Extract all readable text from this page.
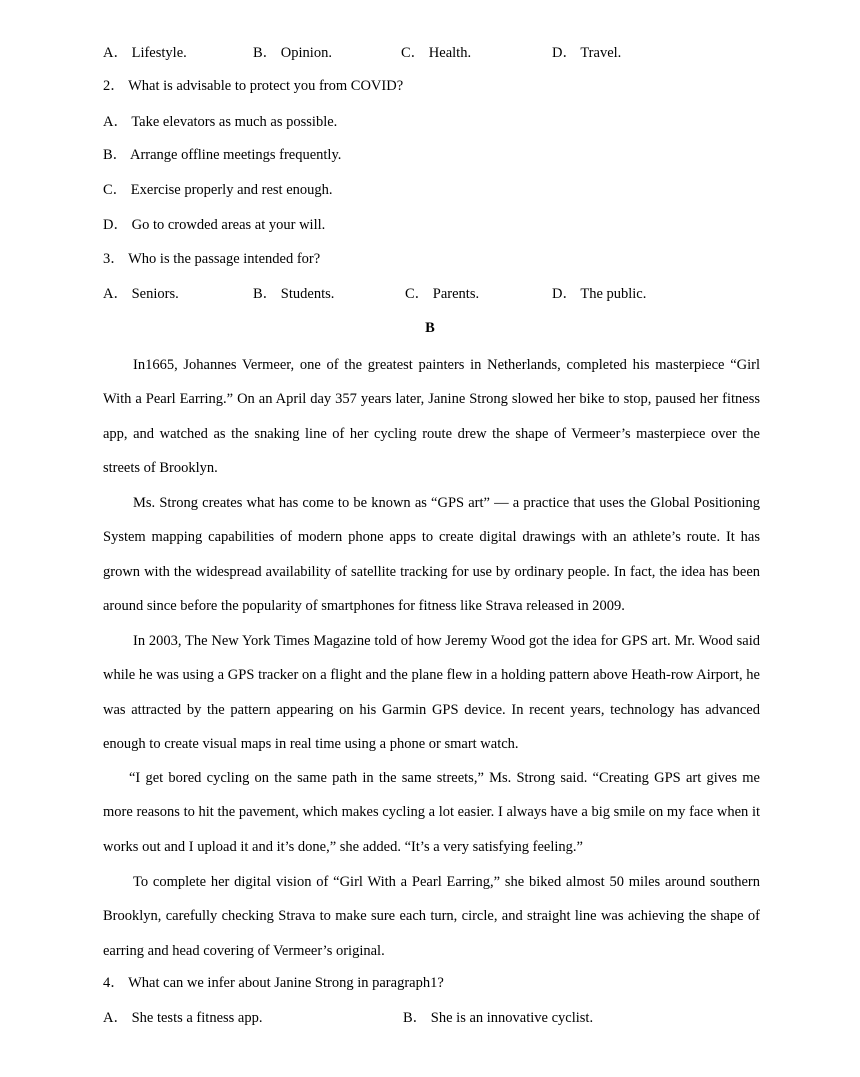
A． Lifestyle.	B． Opinion.	C． Health.	D． Travel.
2． What is advisable to protect you from COVID?
A． Take elevators as much as possible.
B． Arrange offline meetings frequently.
C． Exercise properly and rest enough.
D． Go to crowded areas at your will.
3． Who is the passage intended for?
A． Seniors.	B． Students.	C． Parents.	D． The public.
B
In1665, Johannes Vermeer, one of the greatest painters in Netherlands, completed his masterpiece “Girl With a Pearl Earring.” On an April day 357 years later, Janine Strong slowed her bike to stop, paused her fitness app, and watched as the snaking line of her cycling route drew the shape of Vermeer’s masterpiece over the streets of Brooklyn.
Ms. Strong creates what has come to be known as “GPS art” — a practice that uses the Global Positioning System mapping capabilities of modern phone apps to create digital drawings with an athlete’s route. It has grown with the widespread availability of satellite tracking for use by ordinary people. In fact, the idea has been around since before the popularity of smartphones for fitness like Strava released in 2009.
In 2003, The New York Times Magazine told of how Jeremy Wood got the idea for GPS art. Mr. Wood said while he was using a GPS tracker on a flight and the plane flew in a holding pattern above Heath-row Airport, he was attracted by the pattern appearing on his Garmin GPS device. In recent years, technology has advanced enough to create visual maps in real time using a phone or smart watch.
“I get bored cycling on the same path in the same streets,” Ms. Strong said. “Creating GPS art gives me more reasons to hit the pavement, which makes cycling a lot easier. I always have a big smile on my face when it works out and I upload it and it’s done,” she added. “It’s a very satisfying feeling.”
To complete her digital vision of “Girl With a Pearl Earring,” she biked almost 50 miles around southern Brooklyn, carefully checking Strava to make sure each turn, circle, and straight line was achieving the shape of earring and head covering of Vermeer’s original.
4． What can we infer about Janine Strong in paragraph1?
A． She tests a fitness app.	B． She is an innovative cyclist.
